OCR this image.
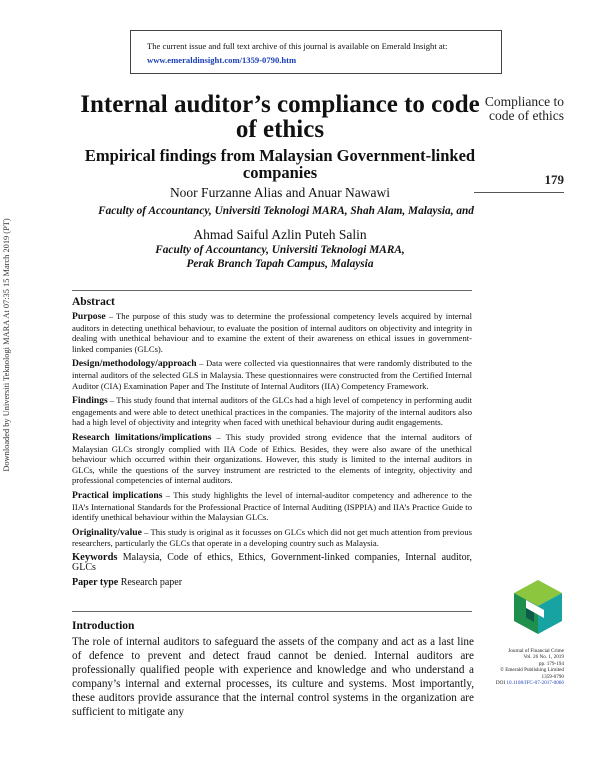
The current issue and full text archive of this journal is available on Emerald Insight at:
www.emeraldinsight.com/1359-0790.htm
Downloaded by Universiti Teknologi MARA At 07:35 15 March 2019 (PT)
Internal auditor’s compliance to code of ethics
Empirical findings from Malaysian Government-linked companies
Compliance to code of ethics
179
Noor Furzanne Alias and Anuar Nawawi
Faculty of Accountancy, Universiti Teknologi MARA, Shah Alam, Malaysia, and
Ahmad Saiful Azlin Puteh Salin
Faculty of Accountancy, Universiti Teknologi MARA,
Perak Branch Tapah Campus, Malaysia
Abstract

Purpose – The purpose of this study was to determine the professional competency levels acquired by internal auditors in detecting unethical behaviour, to evaluate the position of internal auditors on objectivity and integrity in dealing with unethical behaviour and to examine the extent of their awareness on ethical issues in government-linked companies (GLCs).

Design/methodology/approach – Data were collected via questionnaires that were randomly distributed to the internal auditors of the selected GLS in Malaysia. These questionnaires were constructed from the Certified Internal Auditor (CIA) Examination Paper and The Institute of Internal Auditors (IIA) Competency Framework.

Findings – This study found that internal auditors of the GLCs had a high level of competency in performing audit engagements and were able to detect unethical practices in the companies. The majority of the internal auditors also had a high level of objectivity and integrity when faced with unethical behaviour during audit engagements.

Research limitations/implications – This study provided strong evidence that the internal auditors of Malaysian GLCs strongly complied with IIA Code of Ethics. Besides, they were also aware of the unethical behaviour which occurred within their organizations. However, this study is limited to the internal auditors in GLCs, while the questions of the survey instrument are restricted to the elements of integrity, objectivity and professional competencies of internal auditors.

Practical implications – This study highlights the level of internal-auditor competency and adherence to the IIA’s International Standards for the Professional Practice of Internal Auditing (ISPPIA) and IIA’s Practice Guide to identify unethical behaviour within the Malaysian GLCs.

Originality/value – This study is original as it focusses on GLCs which did not get much attention from previous researchers, particularly the GLCs that operate in a developing country such as Malaysia.

Keywords Malaysia, Code of ethics, Ethics, Government-linked companies, Internal auditor, GLCs

Paper type Research paper

Introduction
The role of internal auditors to safeguard the assets of the company and act as a last line of defence to prevent and detect fraud cannot be denied. Internal auditors are professionally qualified people with experience and knowledge and who understand a company’s internal and external processes, its culture and systems. Most importantly, these auditors provide assurance that the internal control systems in the organization are sufficient to mitigate any
Journal of Financial Crime
Vol. 26 No. 1, 2019
pp. 179-194
© Emerald Publishing Limited
1359-0790
DOI 10.1108/JFC-07-2017-0066
